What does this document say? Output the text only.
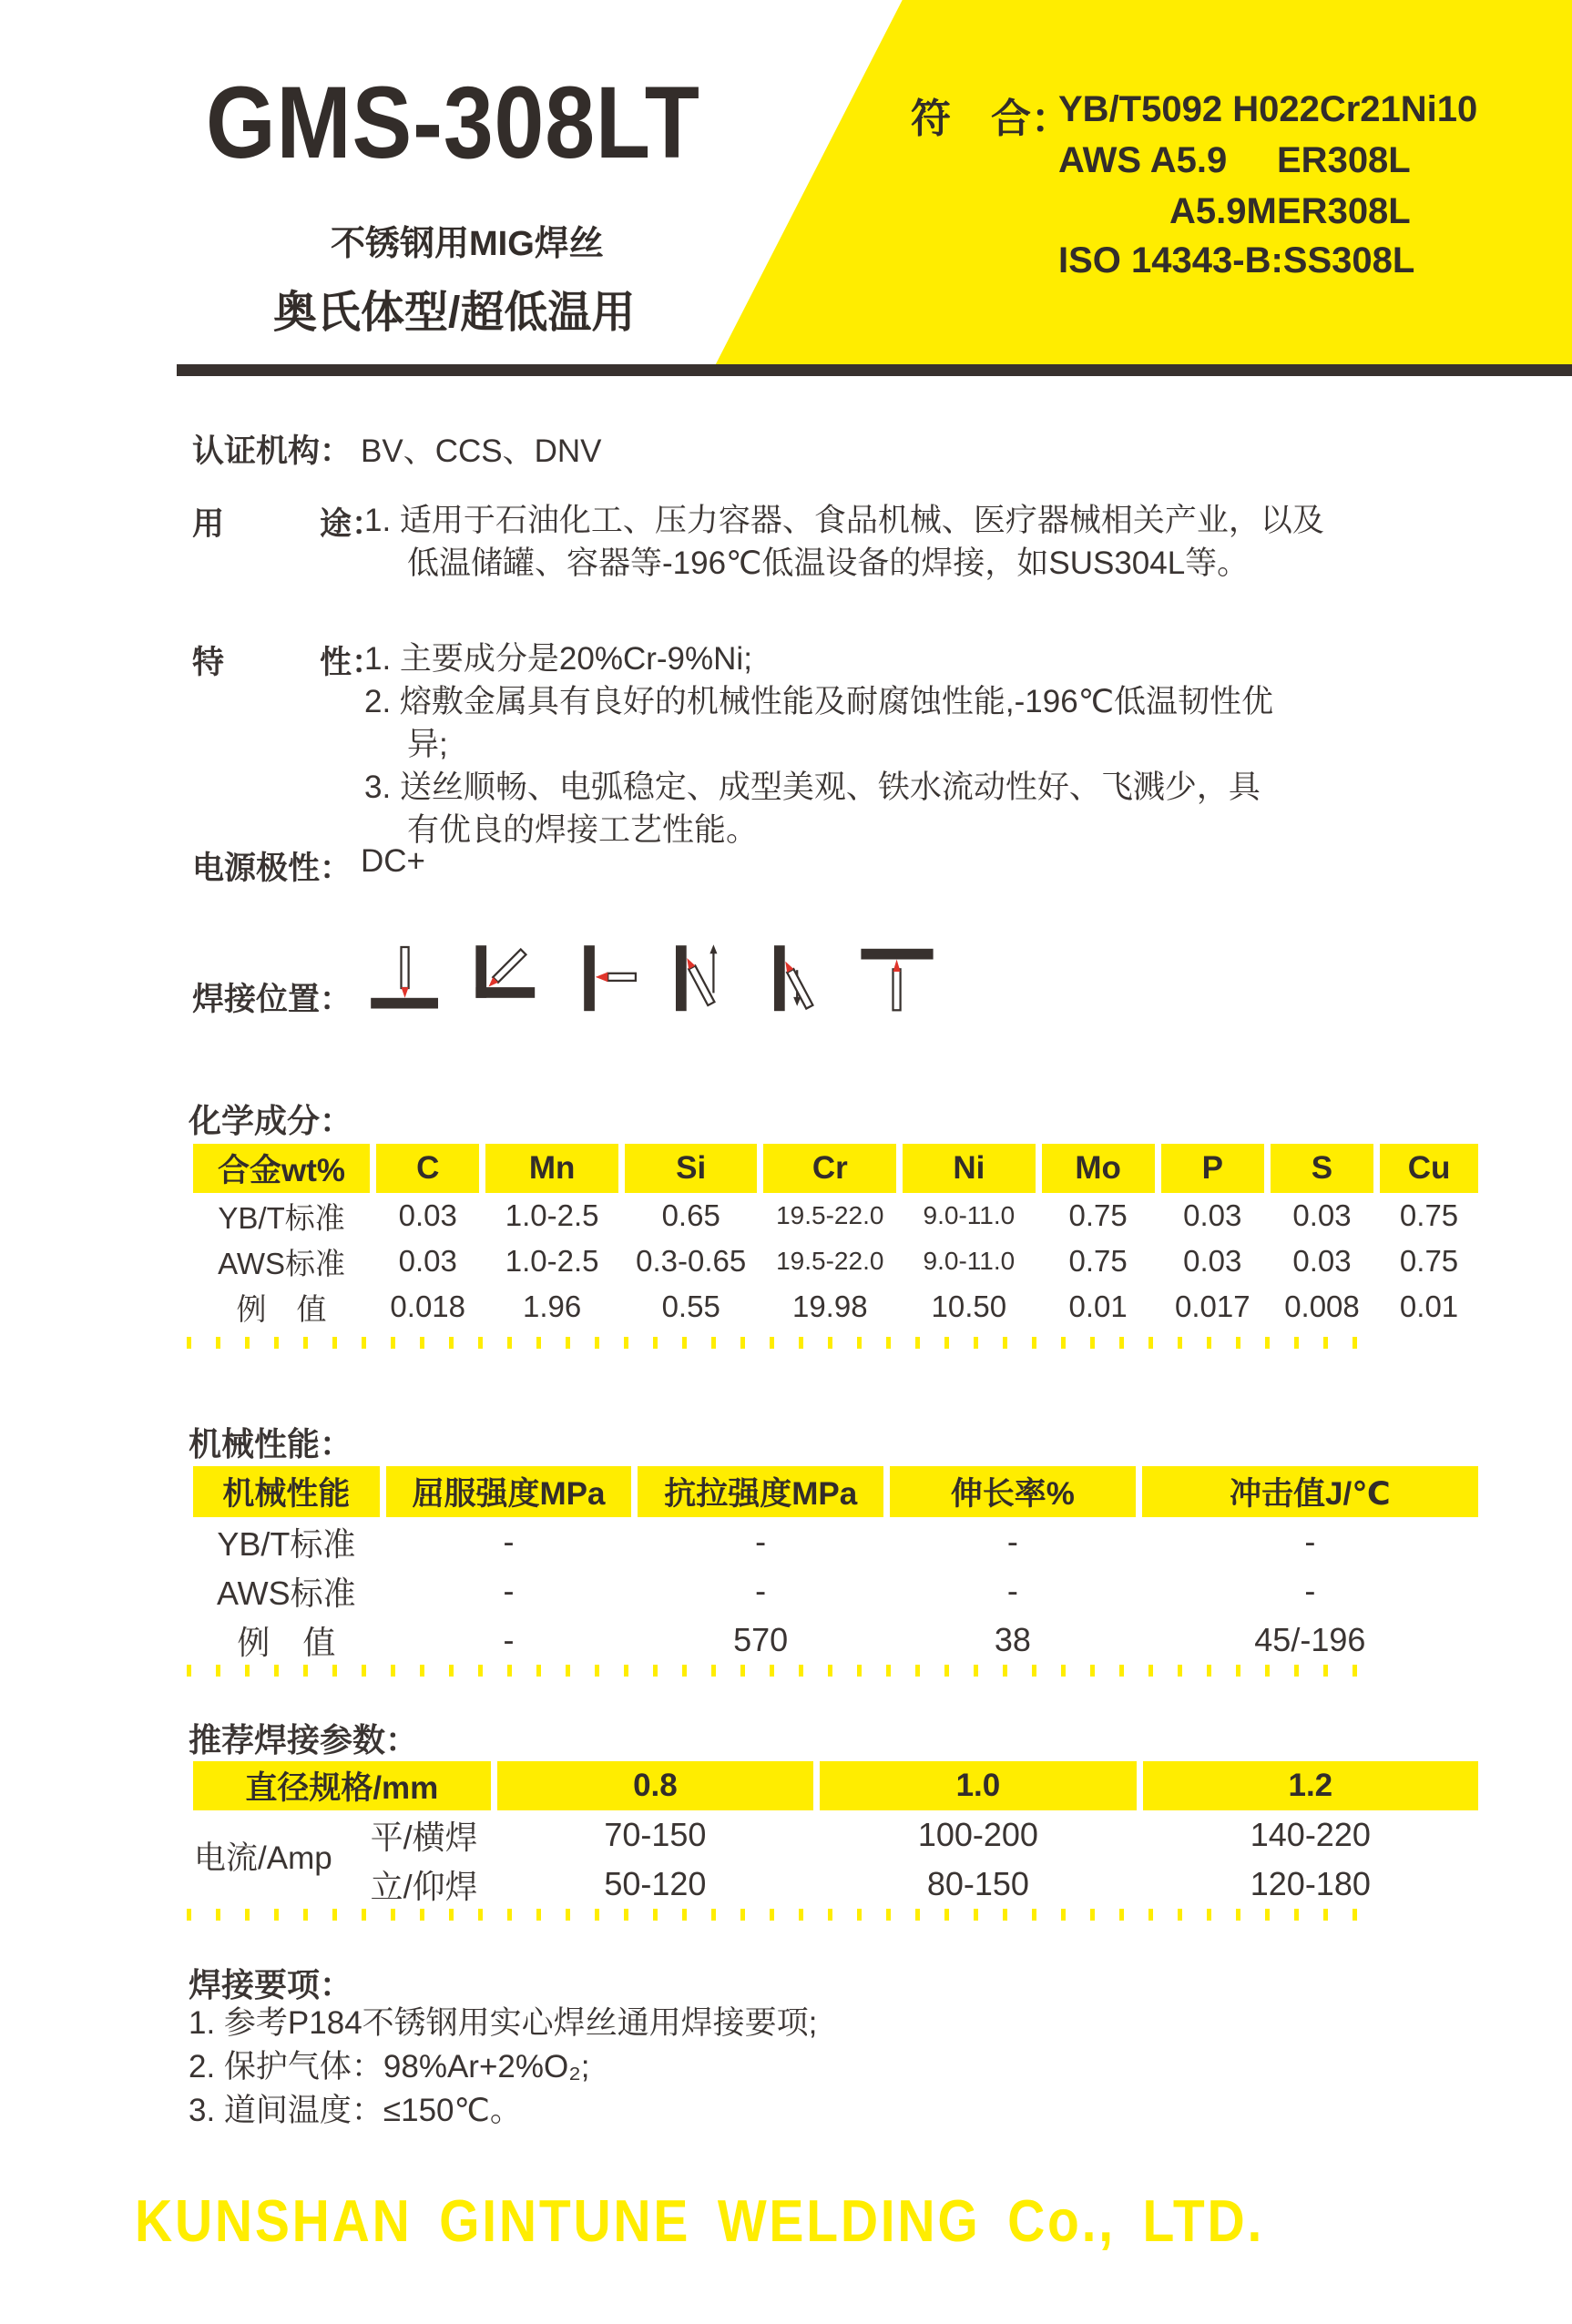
GMS-308LT
不锈钢用MIG焊丝
奥氏体型/超低温用
符　合：
YB/T5092 H022Cr21Ni10
AWS A5.9 ER308L
A5.9M ER308L
ISO 14343-B:SS308L
认证机构： BV、CCS、DNV
用　　　途：
1. 适用于石油化工、压力容器、食品机械、医疗器械相关产业，以及低温储罐、容器等-196℃低温设备的焊接，如SUS304L等。
特　　　性：
1. 主要成分是20%Cr-9%Ni;
2. 熔敷金属具有良好的机械性能及耐腐蚀性能,-196℃低温韧性优异;
3. 送丝顺畅、电弧稳定、成型美观、铁水流动性好、飞溅少，具有优良的焊接工艺性能。
电源极性： DC+
焊接位置：
化学成分：
合金wt%	C	Mn	Si	Cr	Ni	Mo	P	S	Cu
YB/T标准	0.03	1.0-2.5	0.65	19.5-22.0	9.0-11.0	0.75	0.03	0.03	0.75
AWS标准	0.03	1.0-2.5	0.3-0.65	19.5-22.0	9.0-11.0	0.75	0.03	0.03	0.75
例　值	0.018	1.96	0.55	19.98	10.50	0.01	0.017	0.008	0.01
机械性能：
机械性能	屈服强度MPa	抗拉强度MPa	伸长率%	冲击值J/℃
YB/T标准	-	-	-	-
AWS标准	-	-	-	-
例　值	-	570	38	45/-196
推荐焊接参数：
直径规格/mm	0.8	1.0	1.2
平/横焊	70-150	100-200	140-220
立/仰焊	50-120	80-150	120-180
电流/Amp
焊接要项：
1. 参考P184不锈钢用实心焊丝通用焊接要项;
2. 保护气体：98%Ar+2%O₂;
3. 道间温度：≤150℃。
KUNSHAN GINTUNE WELDING Co., LTD.
